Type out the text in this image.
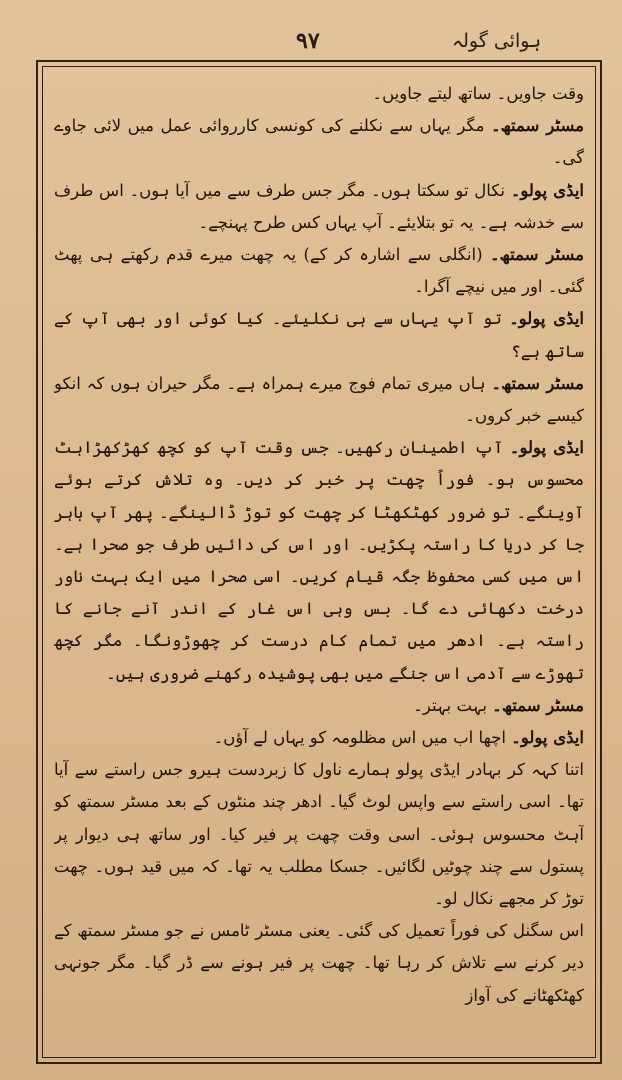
۹۷	ہوائی گولہ

وقت جاویں۔ ساتھ لیتے جاویں۔

مسٹر سمتھ۔ مگر یہاں سے نکلنے کی کونسی کارروائی عمل میں لائی جاوے گی۔

ایڈی پولو۔ نکال تو سکتا ہوں۔ مگر جس طرف سے میں آیا ہوں۔ اس طرف سے خدشہ ہے۔ یہ تو بتلایئے۔ آپ یہاں کس طرح پہنچے۔

مسٹر سمتھ۔ (انگلی سے اشارہ کر کے) یہ چھت میرے قدم رکھتے ہی پھٹ گئی۔ اور میں نیچے آگرا۔

ایڈی پولو۔ تو آپ یہاں سے ہی نکلیئے۔ کیا کوئی اور بھی آپ کے ساتھ ہے؟

مسٹر سمتھ۔ ہاں میری تمام فوج میرے ہمراہ ہے۔ مگر حیران ہوں کہ انکو کیسے خبر کروں۔

ایڈی پولو۔ آپ اطمینان رکھیں۔ جس وقت آپ کو کچھ کھڑکھڑاہٹ محسوس ہو۔ فوراً چھت پر خبر کر دیں۔ وہ تلاش کرتے ہوئے آوینگے۔ تو ضرور کھٹکھٹا کر چھت کو توڑ ڈالینگے۔ پھر آپ باہر جا کر دریا کا راستہ پکڑیں۔ اور اس کی دائیں طرف جو صحرا ہے۔ اس میں کسی محفوظ جگہ قیام کریں۔ اسی صحرا میں ایک بہت ناور درخت دکھائی دے گا۔ بس وہی اس غار کے اندر آنے جانے کا راستہ ہے۔ ادھر میں تمام کام درست کر چھوڑونگا۔ مگر کچھ تھوڑے سے آدمی اس جنگے میں بھی پوشیدہ رکھنے ضروری ہیں۔

مسٹر سمتھ۔ بہت بہتر۔

ایڈی پولو۔ اچھا اب میں اس مظلومہ کو یہاں لے آؤں۔

اتنا کہہ کر بہادر ایڈی پولو ہمارے ناول کا زبردست ہیرو جس راستے سے آیا تھا۔ اسی راستے سے واپس لوٹ گیا۔ ادھر چند منٹوں کے بعد مسٹر سمتھ کو آہٹ محسوس ہوئی۔ اسی وقت چھت پر فیر کیا۔ اور ساتھ ہی دیوار پر پستول سے چند چوٹیں لگائیں۔ جسکا مطلب یہ تھا۔ کہ میں قید ہوں۔ چھت توڑ کر مجھے نکال لو۔

اس سگنل کی فوراً تعمیل کی گئی۔ یعنی مسٹر ٹامس نے جو مسٹر سمتھ کے دیر کرنے سے تلاش کر رہا تھا۔ چھت پر فیر ہونے سے ڈر گیا۔ مگر جونہی کھٹکھٹانے کی آواز
